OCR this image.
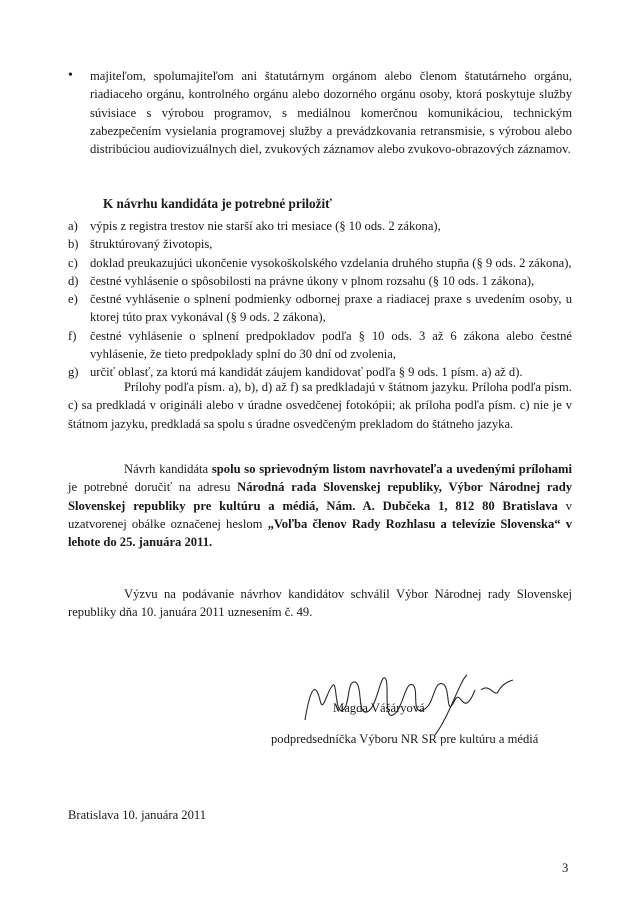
• majiteľom, spolumajiteľom ani štatutárnym orgánom alebo členom štatutárneho orgánu, riadiaceho orgánu, kontrolného orgánu alebo dozorného orgánu osoby, ktorá poskytuje služby súvisiace s výrobou programov, s mediálnou komerčnou komunikáciou, technickým zabezpečením vysielania programovej služby a prevádzkovania retransmisie, s výrobou alebo distribúciou audiovizuálnych diel, zvukových záznamov alebo zvukovo-obrazových záznamov.
K návrhu kandidáta je potrebné priložiť
a) výpis z registra trestov nie starší ako tri mesiace (§ 10 ods. 2 zákona),
b) štruktúrovaný životopis,
c) doklad preukazujúci ukončenie vysokoškolského vzdelania druhého stupňa (§ 9 ods. 2 zákona),
d) čestné vyhlásenie o spôsobilosti na právne úkony v plnom rozsahu (§ 10 ods. 1 zákona),
e) čestné vyhlásenie o splnení podmienky odbornej praxe a riadiacej praxe s uvedením osoby, u ktorej túto prax vykonával (§ 9 ods. 2 zákona),
f) čestné vyhlásenie o splnení predpokladov podľa § 10 ods. 3 až 6 zákona alebo čestné vyhlásenie, že tieto predpoklady splní do 30 dní od zvolenia,
g) určiť oblasť, za ktorú má kandidát záujem kandidovať podľa § 9 ods. 1 písm. a) až d).
Prílohy podľa písm. a), b), d) až f) sa predkladajú v štátnom jazyku. Príloha podľa písm. c) sa predkladá v origináli alebo v úradne osvedčenej fotokópii; ak príloha podľa písm. c) nie je v štátnom jazyku, predkladá sa spolu s úradne osvedčeným prekladom do štátneho jazyka.
Návrh kandidáta spolu so sprievodným listom navrhovateľa a uvedenými prílohami je potrebné doručiť na adresu Národná rada Slovenskej republiky, Výbor Národnej rady Slovenskej republiky pre kultúru a médiá, Nám. A. Dubčeka 1, 812 80 Bratislava v uzatvorenej obálke označenej heslom „Voľba členov Rady Rozhlasu a televízie Slovenska“ v lehote do 25. januára 2011.
Výzvu na podávanie návrhov kandidátov schválil Výbor Národnej rady Slovenskej republiky dňa 10. januára 2011 uznesením č. 49.
Magda Vášáryová
podpredsedníčka Výboru NR SR pre kultúru a médiá
Bratislava 10. januára 2011
3
